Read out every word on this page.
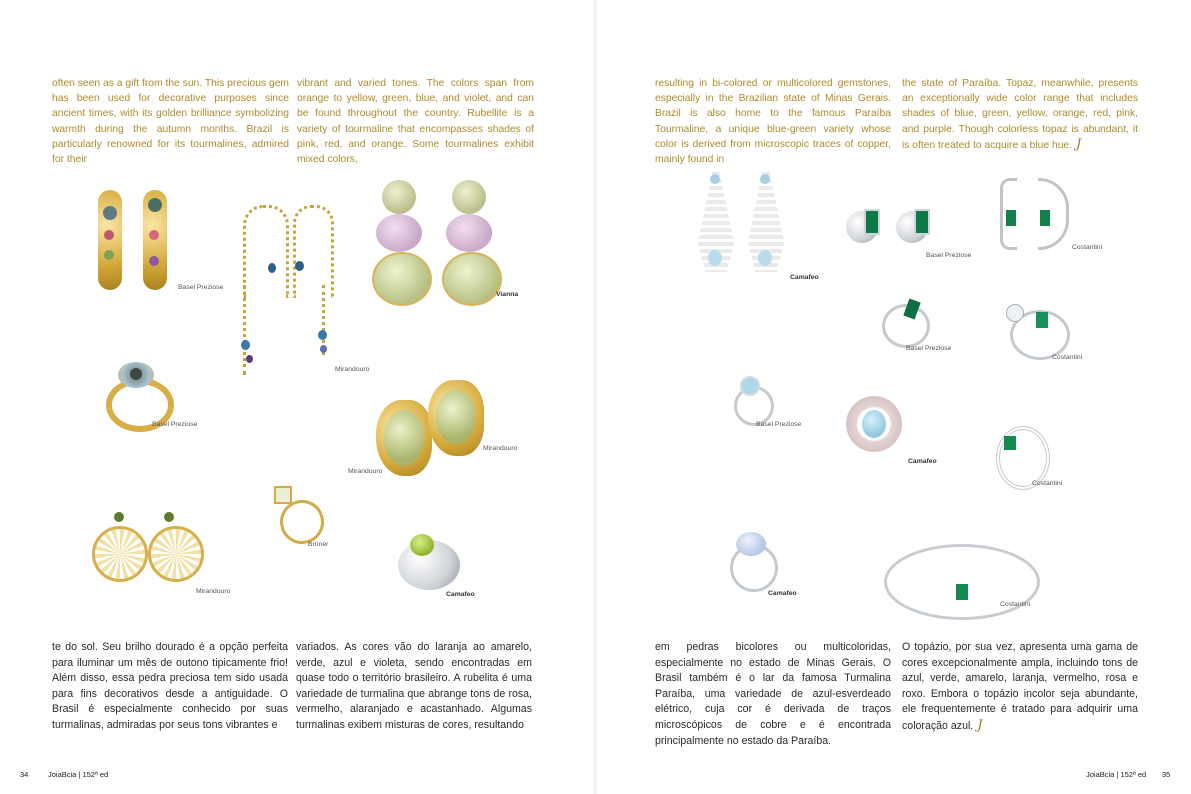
often seen as a gift from the sun. This precious gem has been used for decorative purposes since ancient times, with its golden brilliance symbolizing warmth during the autumn months. Brazil is particularly renowned for its tourmalines, admired for their
vibrant and varied tones. The colors span from orange to yellow, green, blue, and violet, and can be found throughout the country. Rubellite is a variety of tourmaline that encompasses shades of pink, red, and orange. Some tourmalines exhibit mixed colors,
Basel Preziose
Mirandouro
Vianna
Basel Preziose
Mirandouro
Mirandouro
Brüner
Mirandouro	Camafeo
te do sol. Seu brilho dourado é a opção perfeita para iluminar um mês de outono tipicamente frio! Além disso, essa pedra preciosa tem sido usada para fins decorativos desde a antiguidade. O Brasil é especialmente conhecido por suas turmalinas, admiradas por seus tons vibrantes e
variados. As cores vão do laranja ao amarelo, verde, azul e violeta, sendo encontradas em quase todo o território brasileiro. A rubelita é uma variedade de turmalina que abrange tons de rosa, vermelho, alaranjado e acastanhado. Algumas turmalinas exibem misturas de cores, resultando
34	JoiaBcia | 152ª ed
resulting in bi-colored or multicolored gemstones, especially in the Brazilian state of Minas Gerais. Brazil is also home to the famous Paraíba Tourmaline, a unique blue-green variety whose color is derived from microscopic traces of copper, mainly found in
the state of Paraíba. Topaz, meanwhile, presents an exceptionally wide color range that includes shades of blue, green, yellow, orange, red, pink, and purple. Though colorless topaz is abundant, it is often treated to acquire a blue hue. J
Camafeo
Basel Preziose
Costantini
Basel Preziose
Costantini
Basel Preziose
Camafeo
Costantini
Camafeo
Costantini
em pedras bicolores ou multicoloridas, especialmente no estado de Minas Gerais. O Brasil também é o lar da famosa Turmalina Paraíba, uma variedade de azul-esverdeado elétrico, cuja cor é derivada de traços microscópicos de cobre e é encontrada principalmente no estado da Paraíba.
O topázio, por sua vez, apresenta uma gama de cores excepcionalmente ampla, incluindo tons de azul, verde, amarelo, laranja, vermelho, rosa e roxo. Embora o topázio incolor seja abundante, ele frequentemente é tratado para adquirir uma coloração azul. J
JoiaBcia | 152ª ed 35
